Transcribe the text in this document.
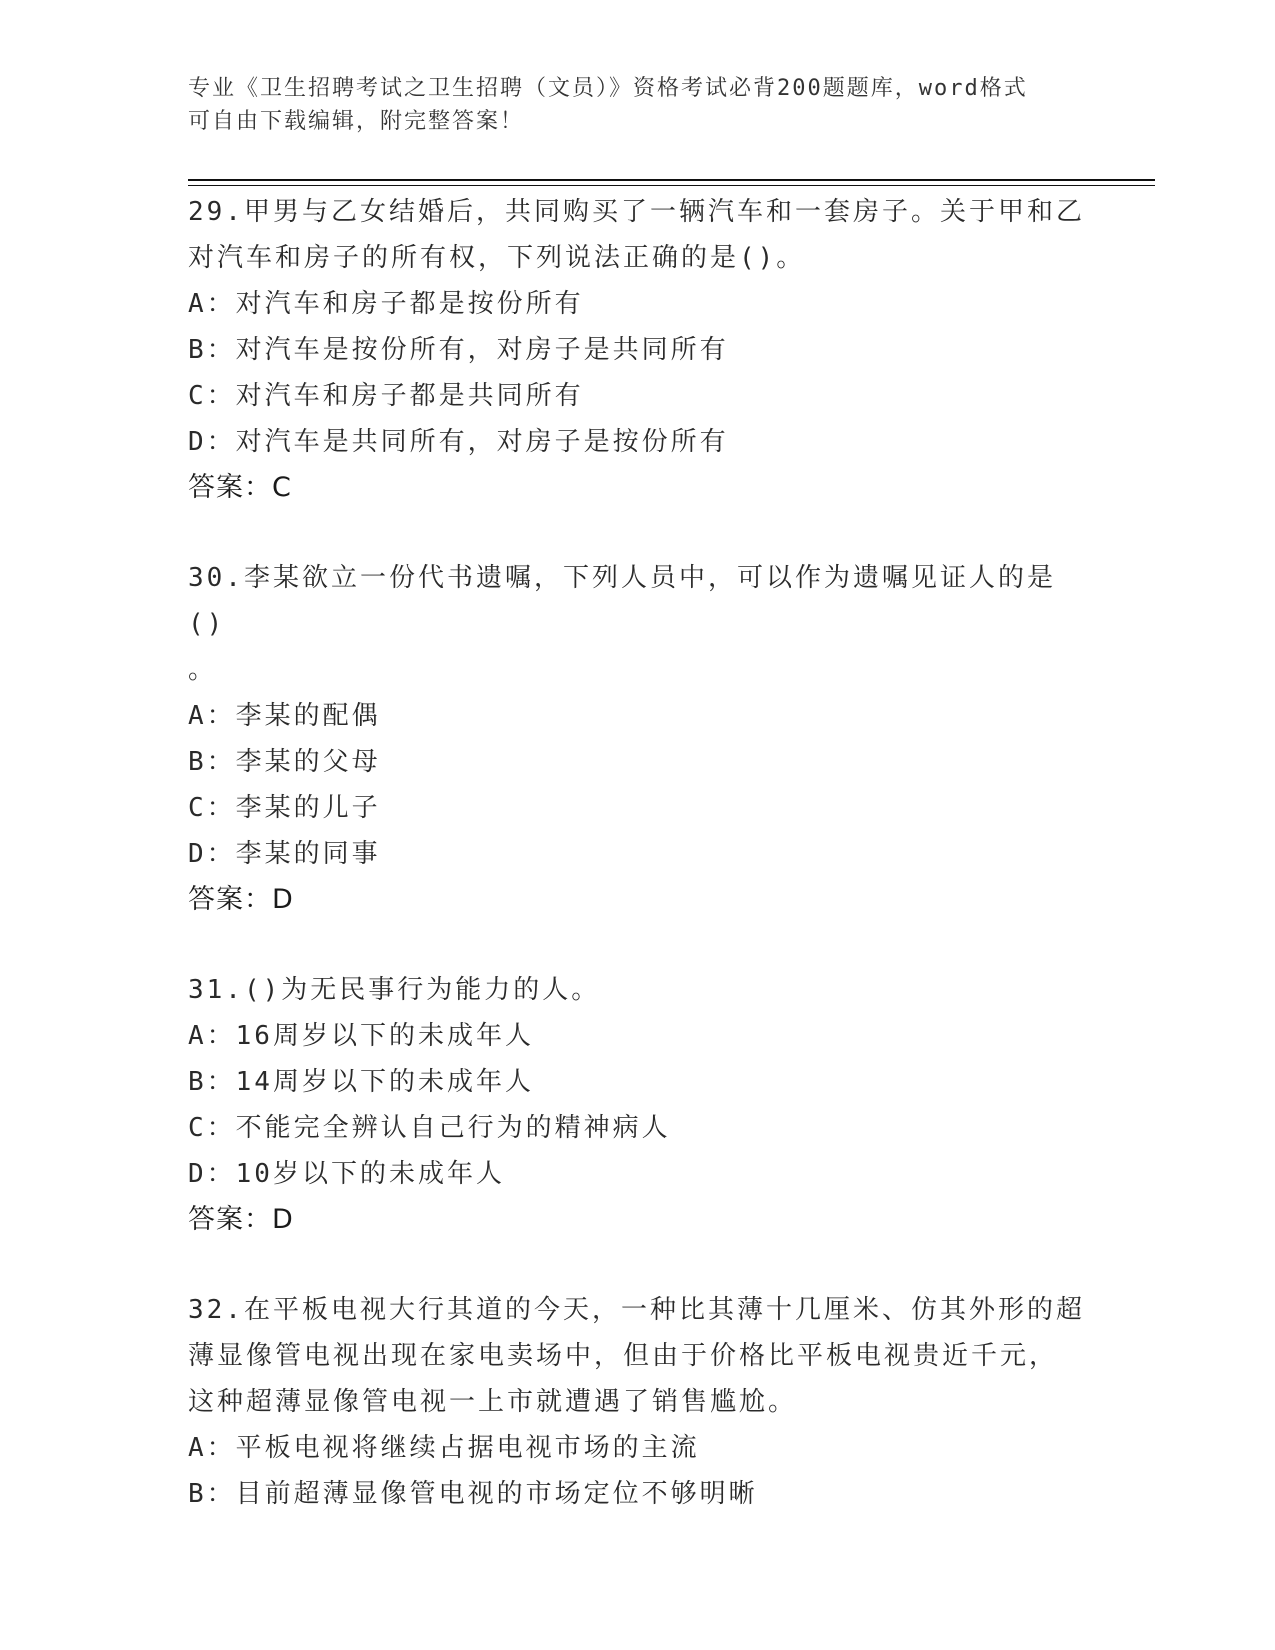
专业《卫生招聘考试之卫生招聘（文员）》资格考试必背200题题库，word格式
可自由下载编辑，附完整答案！
29.甲男与乙女结婚后，共同购买了一辆汽车和一套房子。关于甲和乙
对汽车和房子的所有权，下列说法正确的是()。
A：对汽车和房子都是按份所有
B：对汽车是按份所有，对房子是共同所有
C：对汽车和房子都是共同所有
D：对汽车是共同所有，对房子是按份所有
答案：C
30.李某欲立一份代书遗嘱，下列人员中，可以作为遗嘱见证人的是()
。
A：李某的配偶
B：李某的父母
C：李某的儿子
D：李某的同事
答案：D
31.()为无民事行为能力的人。
A：16周岁以下的未成年人
B：14周岁以下的未成年人
C：不能完全辨认自己行为的精神病人
D：10岁以下的未成年人
答案：D
32.在平板电视大行其道的今天，一种比其薄十几厘米、仿其外形的超
薄显像管电视出现在家电卖场中，但由于价格比平板电视贵近千元，
这种超薄显像管电视一上市就遭遇了销售尴尬。
A：平板电视将继续占据电视市场的主流
B：目前超薄显像管电视的市场定位不够明晰
